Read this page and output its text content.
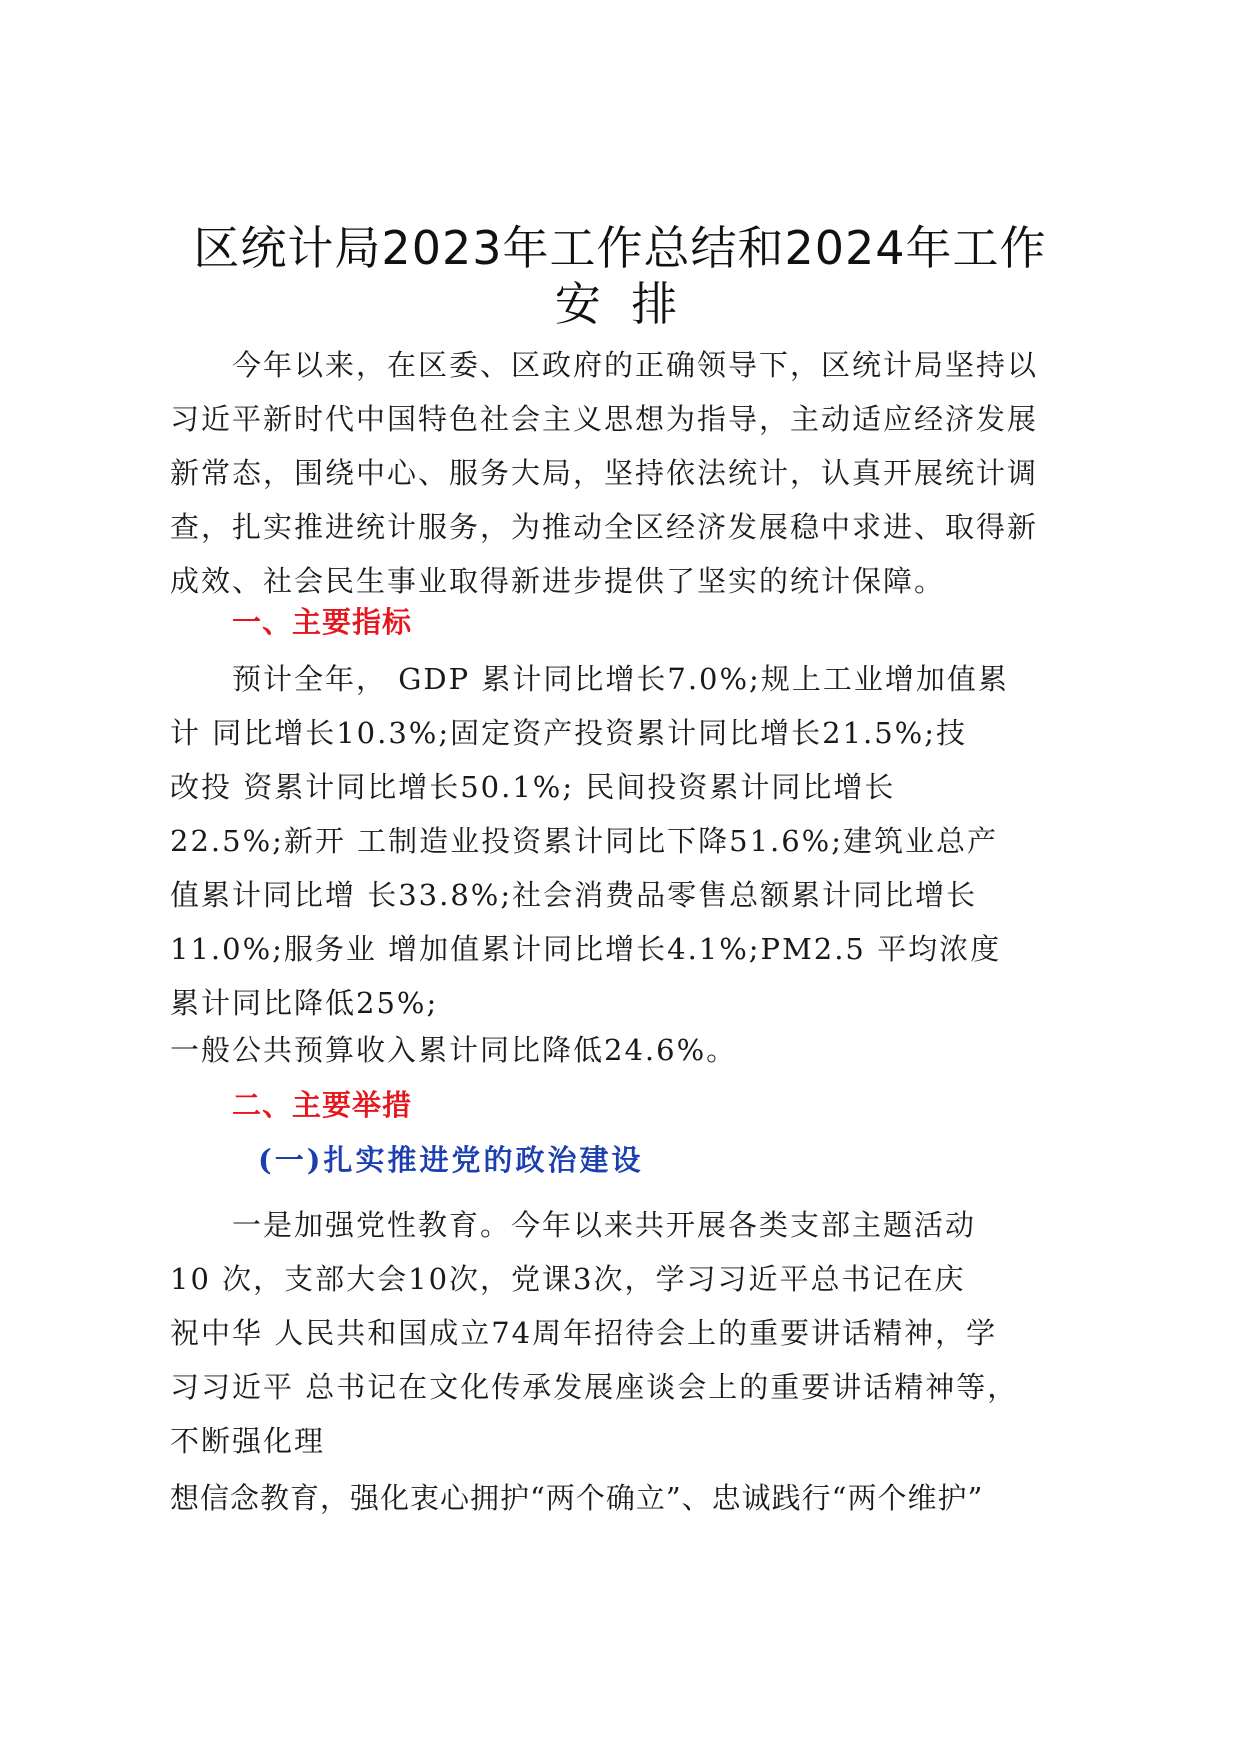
区统计局2023年工作总结和2024年工作
安 排
　　今年以来，在区委、区政府的正确领导下，区统计局坚持以
习近平新时代中国特色社会主义思想为指导，主动适应经济发展
新常态，围绕中心、服务大局，坚持依法统计，认真开展统计调
查，扎实推进统计服务，为推动全区经济发展稳中求进、取得新
成效、社会民生事业取得新进步提供了坚实的统计保障。
一、主要指标
　　预计全年， GDP 累计同比增长7.0%;规上工业增加值累
计 同比增长10.3%;固定资产投资累计同比增长21.5%;技
改投 资累计同比增长50.1%; 民间投资累计同比增长
22.5%;新开 工制造业投资累计同比下降51.6%;建筑业总产
值累计同比增 长33.8%;社会消费品零售总额累计同比增长
11.0%;服务业 增加值累计同比增长4.1%;PM2.5 平均浓度
累计同比降低25%;
一般公共预算收入累计同比降低24.6%。
二、主要举措
(一)扎实推进党的政治建设
　　一是加强党性教育。今年以来共开展各类支部主题活动
10 次，支部大会10次，党课3次，学习习近平总书记在庆
祝中华 人民共和国成立74周年招待会上的重要讲话精神，学
习习近平 总书记在文化传承发展座谈会上的重要讲话精神等，
不断强化理
想信念教育，强化衷心拥护“两个确立”、忠诚践行“两个维护”
